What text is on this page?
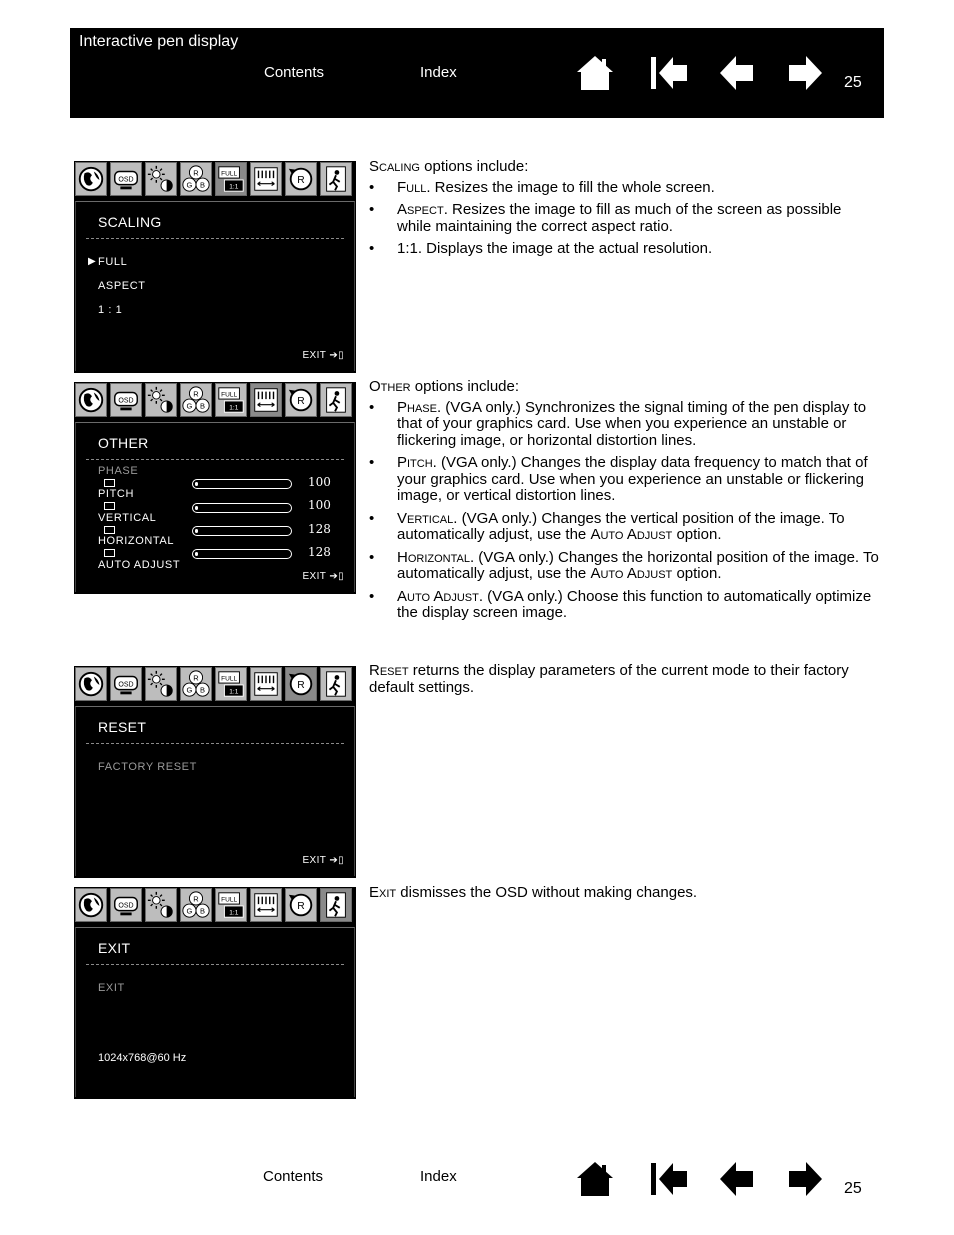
Interactive pen display
Contents	Index
25
OSD
R
G B
FULL
1:1
R
SCALING
▶ FULL
ASPECT
1 : 1
EXIT ➔▯
OSD
R
G B
FULL
1:1
R
OTHER
PHASE
PITCH
VERTICAL
HORIZONTAL
AUTO ADJUST
100
100
128
128
EXIT ➔▯
OSD
R
G B
FULL
1:1
R
RESET
FACTORY RESET
EXIT ➔▯
OSD
R
G B
FULL
1:1
R
EXIT
EXIT
1024x768@60 Hz

Scaling options include:

• Full. Resizes the image to fill the whole screen.
• Aspect. Resizes the image to fill as much of the screen as possible while maintaining the correct aspect ratio.
• 1:1. Displays the image at the actual resolution.

Other options include:

• Phase. (VGA only.) Synchronizes the signal timing of the pen display to that of your graphics card. Use when you experience an unstable or flickering image, or horizontal distortion lines.
• Pitch. (VGA only.) Changes the display data frequency to match that of your graphics card. Use when you experience an unstable or flickering image, or vertical distortion lines.
• Vertical. (VGA only.) Changes the vertical position of the image. To automatically adjust, use the Auto Adjust option.
• Horizontal. (VGA only.) Changes the horizontal position of the image. To automatically adjust, use the Auto Adjust option.
• Auto Adjust. (VGA only.) Choose this function to automatically optimize the display screen image.

Reset returns the display parameters of the current mode to their factory default settings.

Exit dismisses the OSD without making changes.

Contents	Index
25
